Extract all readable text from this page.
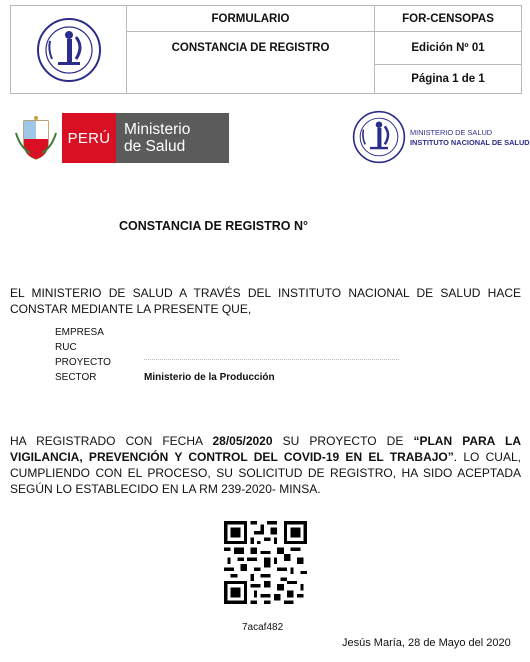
FORMULARIO
CONSTANCIA DE REGISTRO
FOR-CENSOPAS
Edición Nº 01
Página 1 de 1
PERÚ Ministerio
de Salud
MINISTERIO DE SALUD
INSTITUTO NACIONAL DE SALUD
CONSTANCIA DE REGISTRO N°
EL MINISTERIO DE SALUD A TRAVÉS DEL INSTITUTO NACIONAL DE SALUD HACE
CONSTAR MEDIANTE LA PRESENTE QUE,
EMPRESA
RUC
PROYECTO
SECTOR	Ministerio de la Producción
HA REGISTRADO CON FECHA 28/05/2020 SU PROYECTO DE “PLAN PARA LA
VIGILANCIA, PREVENCIÓN Y CONTROL DEL COVID-19 EN EL TRABAJO”. LO CUAL,
CUMPLIENDO CON EL PROCESO, SU SOLICITUD DE REGISTRO, HA SIDO ACEPTADA
SEGÚN LO ESTABLECIDO EN LA RM 239-2020- MINSA.
7acaf482
Jesús María, 28 de Mayo del 2020
